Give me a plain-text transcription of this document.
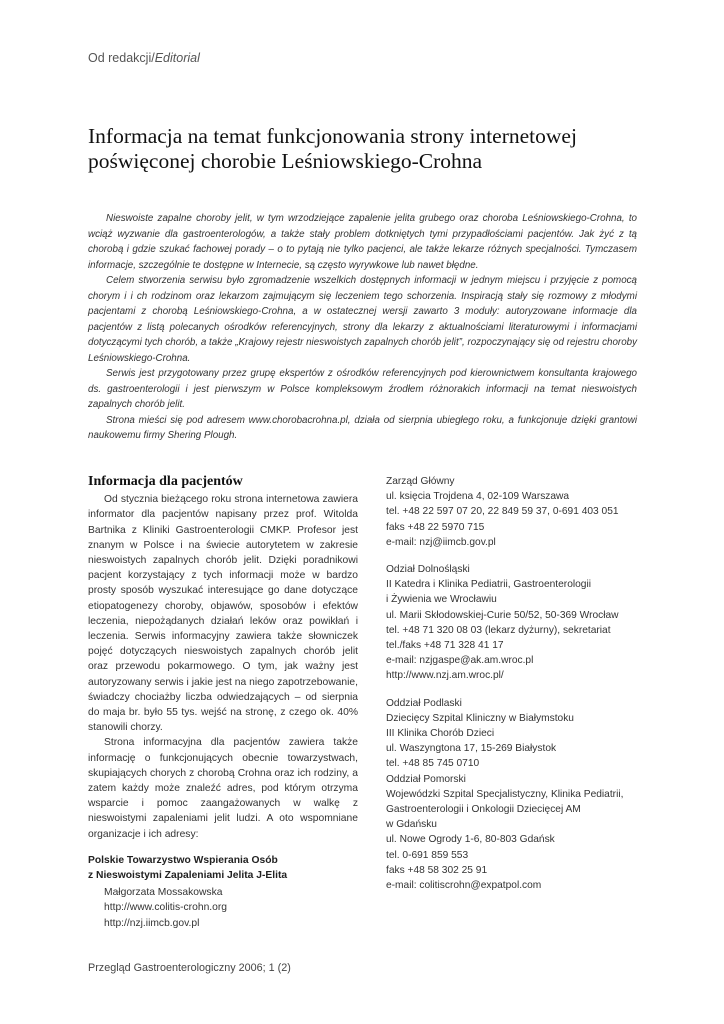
Od redakcji/Editorial
Informacja na temat funkcjonowania strony internetowej poświęconej chorobie Leśniowskiego-Crohna

Nieswoiste zapalne choroby jelit, w tym wrzodziejące zapalenie jelita grubego oraz choroba Leśniowskiego-Crohna, to wciąż wyzwanie dla gastroenterologów, a także stały problem dotkniętych tymi przypadłościami pacjentów. Jak żyć z tą chorobą i gdzie szukać fachowej porady – o to pytają nie tylko pacjenci, ale także lekarze różnych specjalności. Tymczasem informacje, szczególnie te dostępne w Internecie, są często wyrywkowe lub nawet błędne.

Celem stworzenia serwisu było zgromadzenie wszelkich dostępnych informacji w jednym miejscu i przyjęcie z pomocą chorym i i ch rodzinom oraz lekarzom zajmującym się leczeniem tego schorzenia. Inspiracją stały się rozmowy z młodymi pacjentami z chorobą Leśniowskiego-Crohna, a w ostatecznej wersji zawarto 3 moduły: autoryzowane informacje dla pacjentów z listą polecanych ośrodków referencyjnych, strony dla lekarzy z aktualnościami literaturowymi i informacjami dotyczącymi tych chorób, a także „Krajowy rejestr nieswoistych zapalnych chorób jelit”, rozpoczynający się od rejestru choroby Leśniowskiego-Crohna.

Serwis jest przygotowany przez grupę ekspertów z ośrodków referencyjnych pod kierownictwem konsultanta krajowego ds. gastroenterologii i jest pierwszym w Polsce kompleksowym źrodłem różnorakich informacji na temat nieswoistych zapalnych chorób jelit.

Strona mieści się pod adresem www.chorobacrohna.pl, działa od sierpnia ubiegłego roku, a funkcjonuje dzięki grantowi naukowemu firmy Shering Plough.

Informacja dla pacjentów

Od stycznia bieżącego roku strona internetowa zawiera informator dla pacjentów napisany przez prof. Witolda Bartnika z Kliniki Gastroenterologii CMKP. Profesor jest znanym w Polsce i na świecie autorytetem w zakresie nieswoistych zapalnych chorób jelit. Dzięki poradnikowi pacjent korzystający z tych informacji może w bardzo prosty sposób wyszukać interesujące go dane dotyczące etiopatogenezy choroby, objawów, sposobów i efektów leczenia, niepożądanych działań leków oraz powikłań i leczenia. Serwis informacyjny zawiera także słowniczek pojęć dotyczących nieswoistych zapalnych chorób jelit oraz przewodu pokarmowego. O tym, jak ważny jest autoryzowany serwis i jakie jest na niego zapotrzebowanie, świadczy chociażby liczba odwiedzających – od sierpnia do maja br. było 55 tys. wejść na stronę, z czego ok. 40% stanowili chorzy.

Strona informacyjna dla pacjentów zawiera także informację o funkcjonujących obecnie towarzystwach, skupiających chorych z chorobą Crohna oraz ich rodziny, a zatem każdy może znaleźć adres, pod którym otrzyma wsparcie i pomoc zaangażowanych w walkę z nieswoistymi zapaleniami jelit ludzi. A oto wspomniane organizacje i ich adresy:

Polskie Towarzystwo Wspierania Osób
z Nieswoistymi Zapaleniami Jelita J-Elita
Małgorzata Mossakowska
http://www.colitis-crohn.org
http://nzj.iimcb.gov.pl
Zarząd Główny
ul. księcia Trojdena 4, 02-109 Warszawa
tel. +48 22 597 07 20, 22 849 59 37, 0-691 403 051
faks +48 22 5970 715
e-mail: nzj@iimcb.gov.pl
Odział Dolnośląski
II Katedra i Klinika Pediatrii, Gastroenterologii
i Żywienia we Wrocławiu
ul. Marii Skłodowskiej-Curie 50/52, 50-369 Wrocław
tel. +48 71 320 08 03 (lekarz dyżurny), sekretariat
tel./faks +48 71 328 41 17
e-mail: nzjgaspe@ak.am.wroc.pl
http://www.nzj.am.wroc.pl/
Oddział Podlaski
Dziecięcy Szpital Kliniczny w Białymstoku
III Klinika Chorób Dzieci
ul. Waszyngtona 17, 15-269 Białystok
tel. +48 85 745 0710
Oddział Pomorski
Wojewódzki Szpital Specjalistyczny, Klinika Pediatrii,
Gastroenterologii i Onkologii Dziecięcej AM
w Gdańsku
ul. Nowe Ogrody 1-6, 80-803 Gdańsk
tel. 0-691 859 553
faks +48 58 302 25 91
e-mail: colitiscrohn@expatpol.com
Przegląd Gastroenterologiczny 2006; 1 (2)
